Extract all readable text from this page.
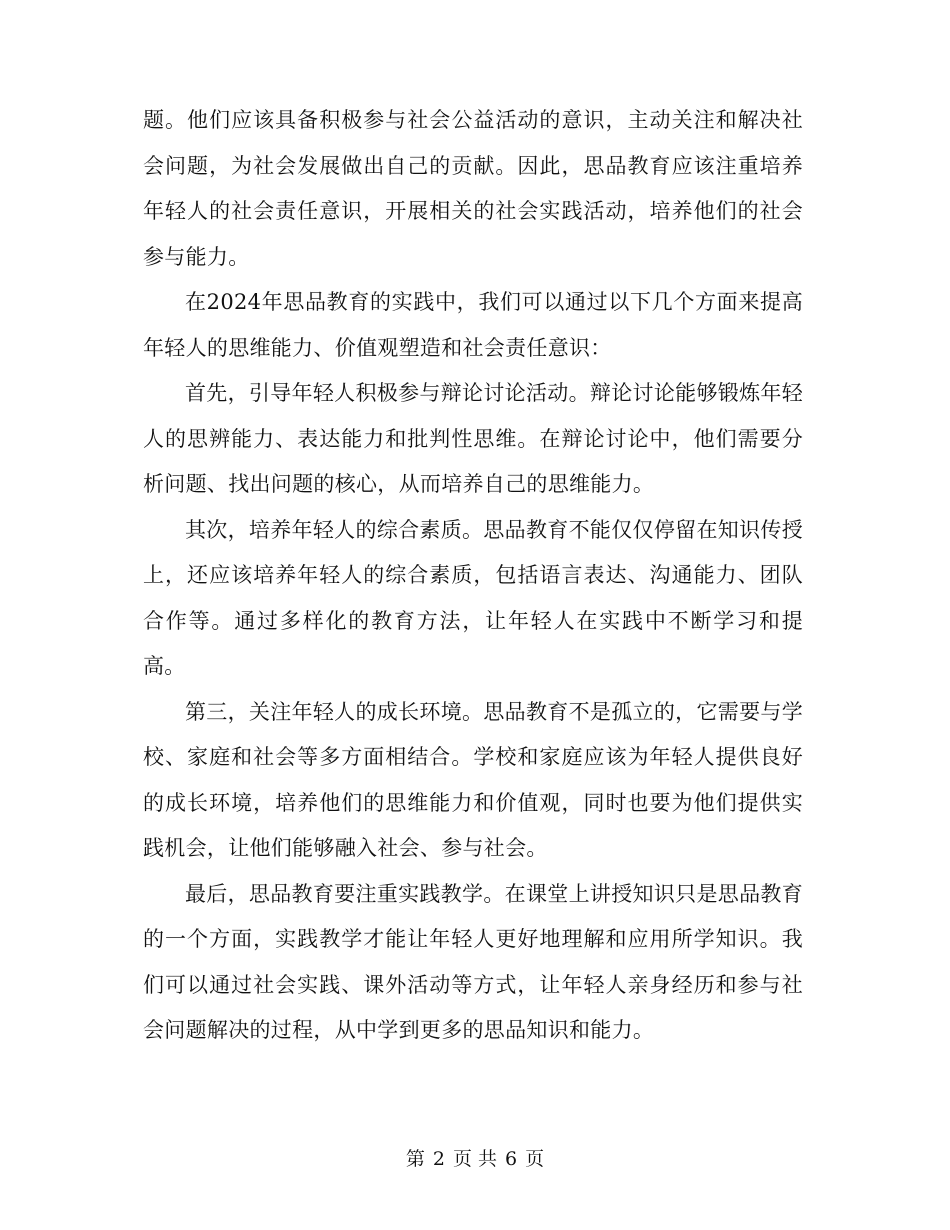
题。他们应该具备积极参与社会公益活动的意识，主动关注和解决社会问题，为社会发展做出自己的贡献。因此，思品教育应该注重培养年轻人的社会责任意识，开展相关的社会实践活动，培养他们的社会参与能力。

在2024年思品教育的实践中，我们可以通过以下几个方面来提高年轻人的思维能力、价值观塑造和社会责任意识：

首先，引导年轻人积极参与辩论讨论活动。辩论讨论能够锻炼年轻人的思辨能力、表达能力和批判性思维。在辩论讨论中，他们需要分析问题、找出问题的核心，从而培养自己的思维能力。

其次，培养年轻人的综合素质。思品教育不能仅仅停留在知识传授上，还应该培养年轻人的综合素质，包括语言表达、沟通能力、团队合作等。通过多样化的教育方法，让年轻人在实践中不断学习和提高。

第三，关注年轻人的成长环境。思品教育不是孤立的，它需要与学校、家庭和社会等多方面相结合。学校和家庭应该为年轻人提供良好的成长环境，培养他们的思维能力和价值观，同时也要为他们提供实践机会，让他们能够融入社会、参与社会。

最后，思品教育要注重实践教学。在课堂上讲授知识只是思品教育的一个方面，实践教学才能让年轻人更好地理解和应用所学知识。我们可以通过社会实践、课外活动等方式，让年轻人亲身经历和参与社会问题解决的过程，从中学到更多的思品知识和能力。

第 2 页 共 6 页
